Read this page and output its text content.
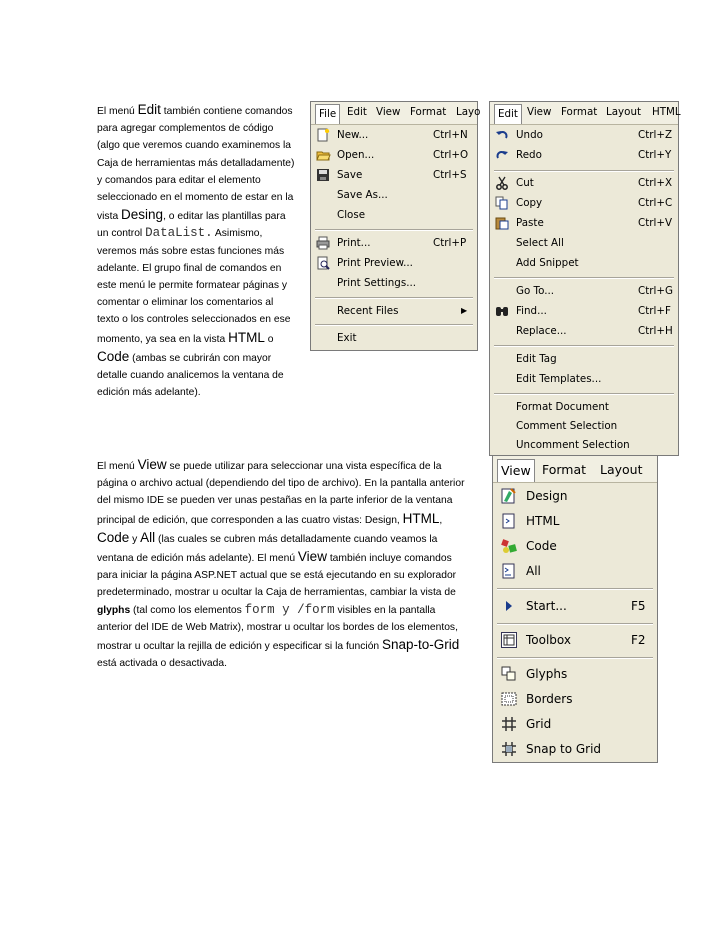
El menú Edit también contiene comandos para agregar complementos de código (algo que veremos cuando examinemos la Caja de herramientas más detalladamente) y comandos para editar el elemento seleccionado en el momento de estar en la vista Desing, o editar las plantillas para un control DataList. Asimismo, veremos más sobre estas funciones más adelante. El grupo final de comandos en este menú le permite formatear páginas y comentar o eliminar los comentarios al texto o los controles seleccionados en ese momento, ya sea en la vista HTML o Code (ambas se cubrirán con mayor detalle cuando analicemos la ventana de edición más adelante).
El menú View se puede utilizar para seleccionar una vista específica de la página o archivo actual (dependiendo del tipo de archivo). En la pantalla anterior del mismo IDE se pueden ver unas pestañas en la parte inferior de la ventana principal de edición, que corresponden a las cuatro vistas: Design, HTML, Code y All (las cuales se cubren más detalladamente cuando veamos la ventana de edición más adelante). El menú View también incluye comandos para iniciar la página ASP.NET actual que se está ejecutando en su explorador predeterminado, mostrar u ocultar la Caja de herramientas, cambiar la vista de glyphs (tal como los elementos form y /form visibles en la pantalla anterior del IDE de Web Matrix), mostrar u ocultar los bordes de los elementos, mostrar u ocultar la rejilla de edición y especificar si la función Snap-to-Grid está activada o desactivada.
File	Edit View Format Layo
New...	Ctrl+N
Open...	Ctrl+O
Save	Ctrl+S
Save As...
Close
Print...	Ctrl+P
Print Preview...
Print Settings...
Recent Files	▶
Exit
Edit View Format Layout HTML
Undo	Ctrl+Z
Redo	Ctrl+Y
Cut	Ctrl+X
Copy	Ctrl+C
Paste	Ctrl+V
Select All
Add Snippet
Go To...	Ctrl+G
Find...	Ctrl+F
Replace...	Ctrl+H
Edit Tag
Edit Templates...
Format Document
Comment Selection
Uncomment Selection
View Format Layout
Design
HTML
Code
All
Start...	F5
Toolbox	F2
Glyphs
Borders
Grid
Snap to Grid
